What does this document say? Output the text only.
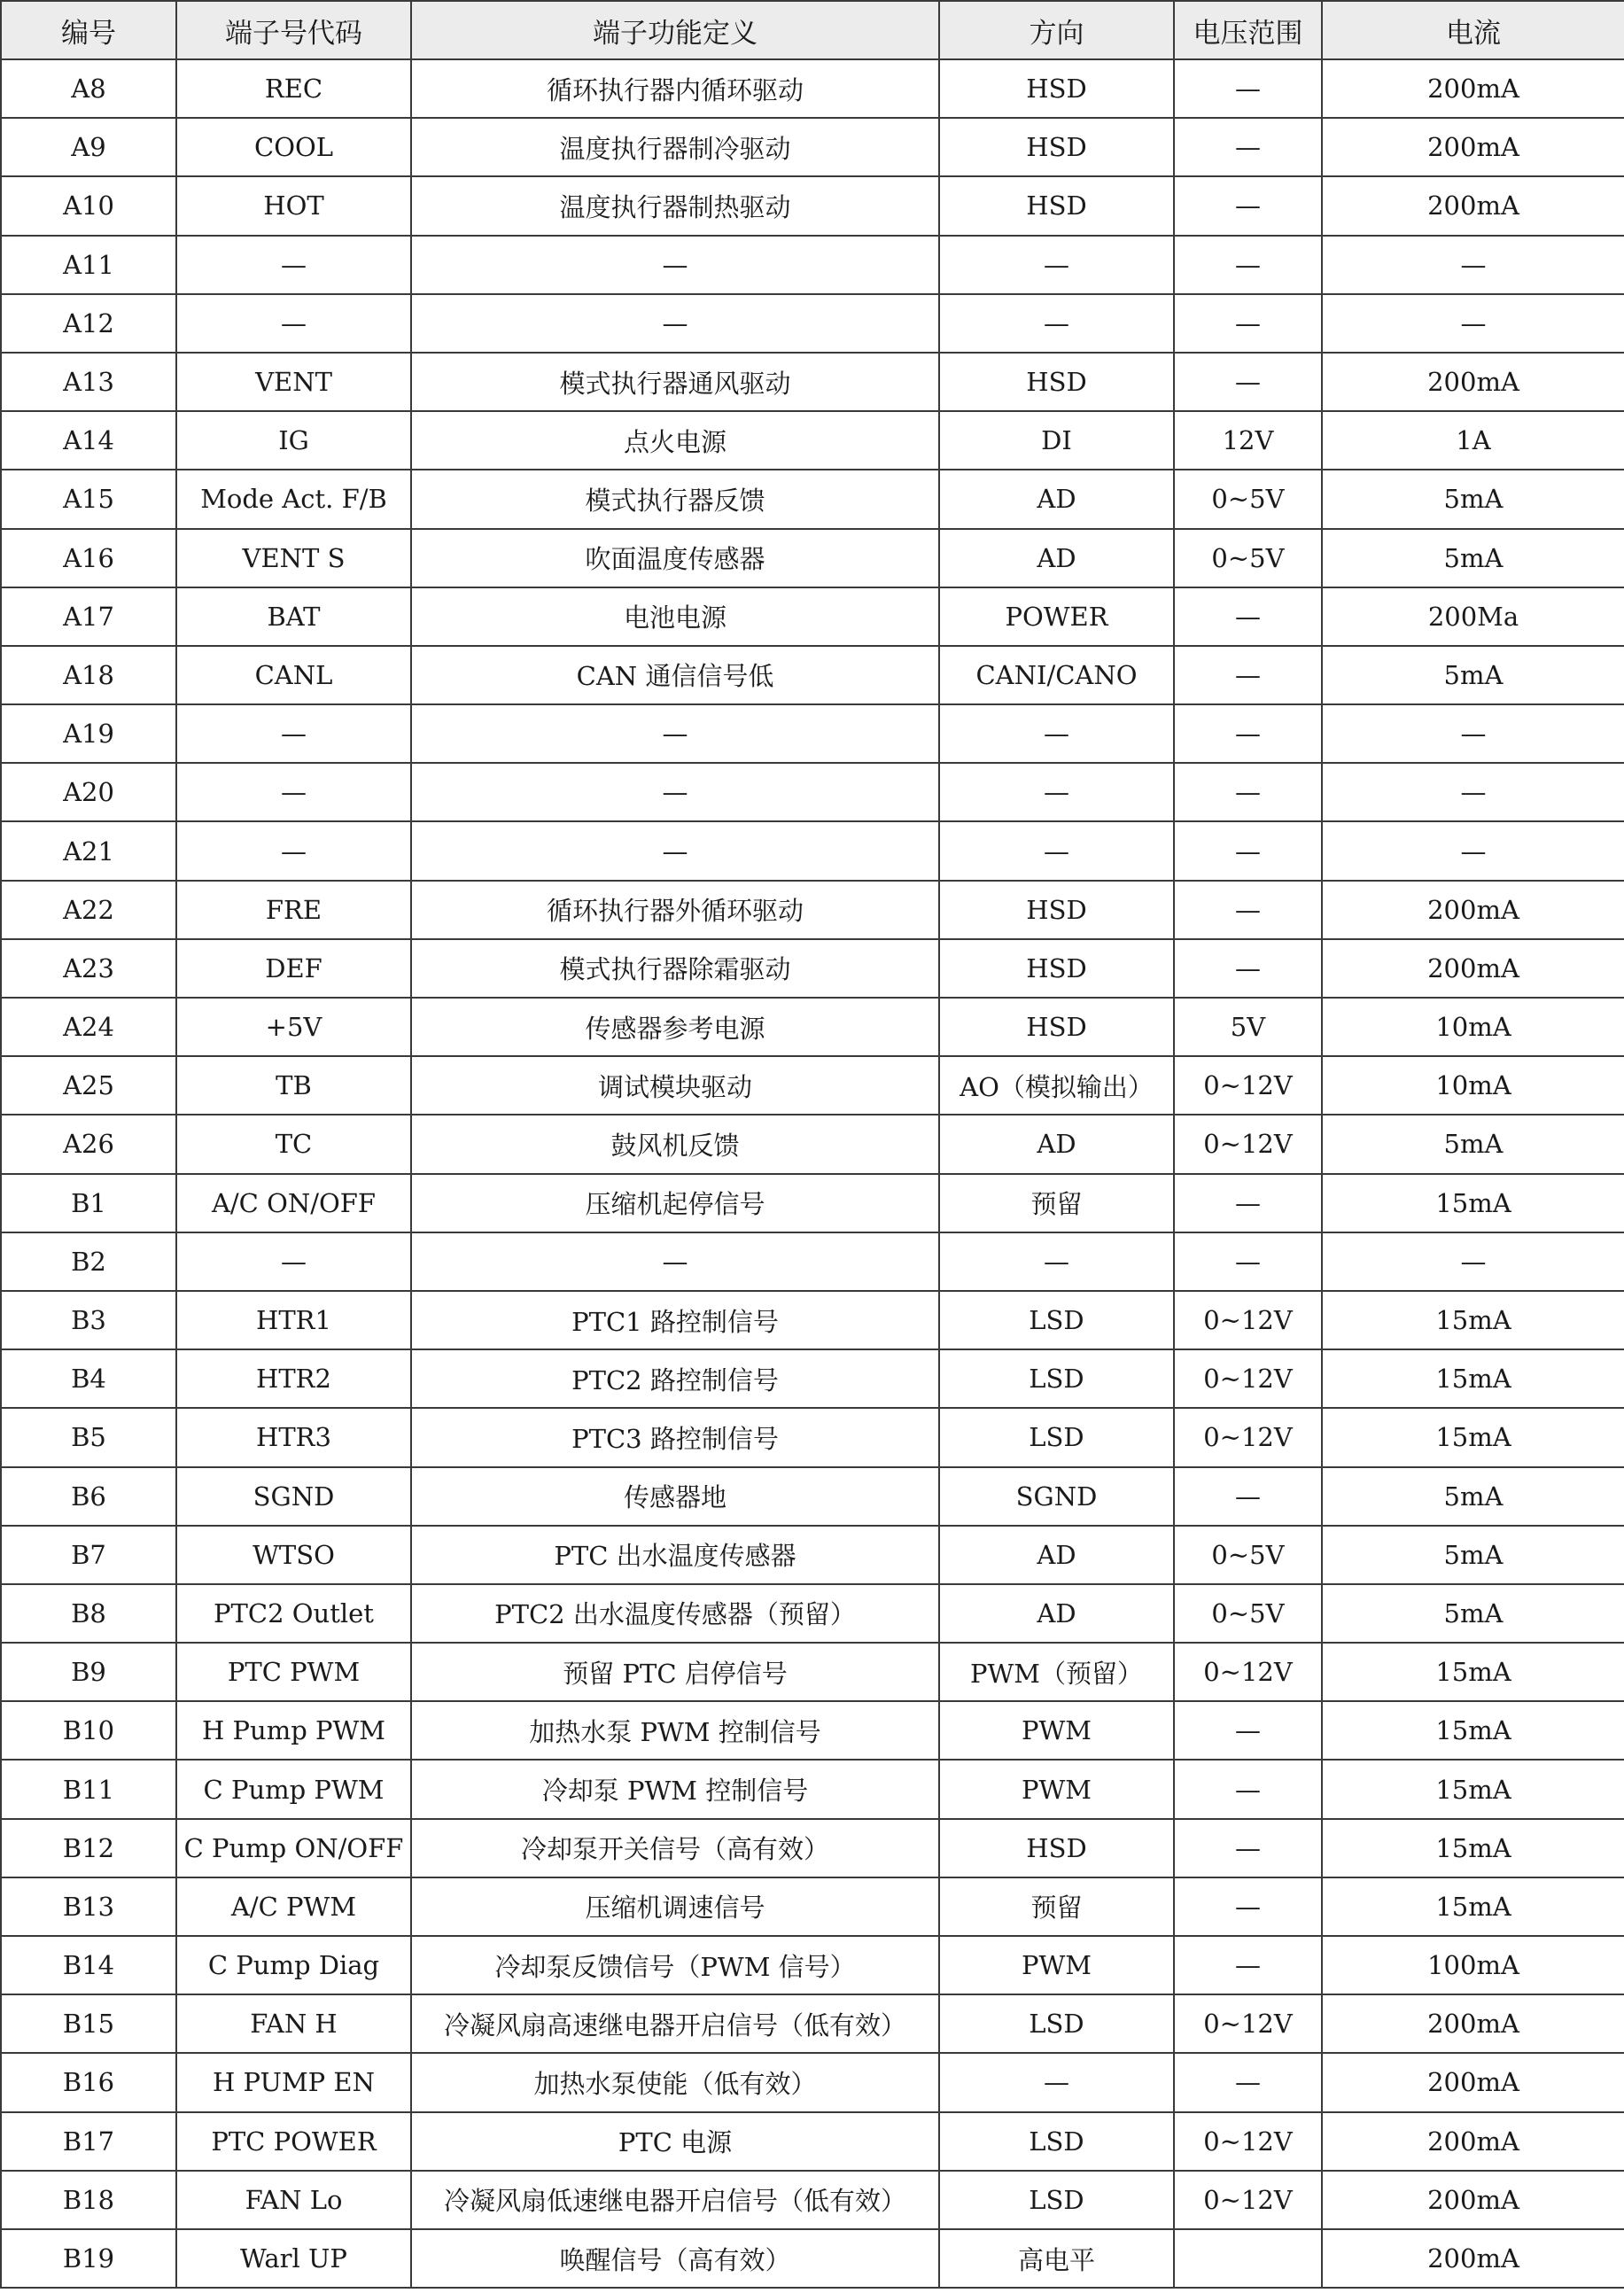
编号	端子号代码	端子功能定义	方向	电压范围	电流
A8	REC	循环执行器内循环驱动	HSD	—	200mA
A9	COOL	温度执行器制冷驱动	HSD	—	200mA
A10	HOT	温度执行器制热驱动	HSD	—	200mA
A11	—	—	—	—	—
A12	—	—	—	—	—
A13	VENT	模式执行器通风驱动	HSD	—	200mA
A14	IG	点火电源	DI	12V	1A
A15	Mode Act. F/B	模式执行器反馈	AD	0~5V	5mA
A16	VENT S	吹面温度传感器	AD	0~5V	5mA
A17	BAT	电池电源	POWER	—	200Ma
A18	CANL	CAN 通信信号低	CANI/CANO	—	5mA
A19	—	—	—	—	—
A20	—	—	—	—	—
A21	—	—	—	—	—
A22	FRE	循环执行器外循环驱动	HSD	—	200mA
A23	DEF	模式执行器除霜驱动	HSD	—	200mA
A24	+5V	传感器参考电源	HSD	5V	10mA
A25	TB	调试模块驱动	AO（模拟输出）	0~12V	10mA
A26	TC	鼓风机反馈	AD	0~12V	5mA
B1	A/C ON/OFF	压缩机起停信号	预留	—	15mA
B2	—	—	—	—	—
B3	HTR1	PTC1 路控制信号	LSD	0~12V	15mA
B4	HTR2	PTC2 路控制信号	LSD	0~12V	15mA
B5	HTR3	PTC3 路控制信号	LSD	0~12V	15mA
B6	SGND	传感器地	SGND	—	5mA
B7	WTSO	PTC 出水温度传感器	AD	0~5V	5mA
B8	PTC2 Outlet	PTC2 出水温度传感器（预留）	AD	0~5V	5mA
B9	PTC PWM	预留 PTC 启停信号	PWM（预留）	0~12V	15mA
B10	H Pump PWM	加热水泵 PWM 控制信号	PWM	—	15mA
B11	C Pump PWM	冷却泵 PWM 控制信号	PWM	—	15mA
B12	C Pump ON/OFF	冷却泵开关信号（高有效）	HSD	—	15mA
B13	A/C PWM	压缩机调速信号	预留	—	15mA
B14	C Pump Diag	冷却泵反馈信号（PWM 信号）	PWM	—	100mA
B15	FAN H	冷凝风扇高速继电器开启信号（低有效）	LSD	0~12V	200mA
B16	H PUMP EN	加热水泵使能（低有效）	—	—	200mA
B17	PTC POWER	PTC 电源	LSD	0~12V	200mA
B18	FAN Lo	冷凝风扇低速继电器开启信号（低有效）	LSD	0~12V	200mA
B19	Warl UP	唤醒信号（高有效）	高电平		200mA
